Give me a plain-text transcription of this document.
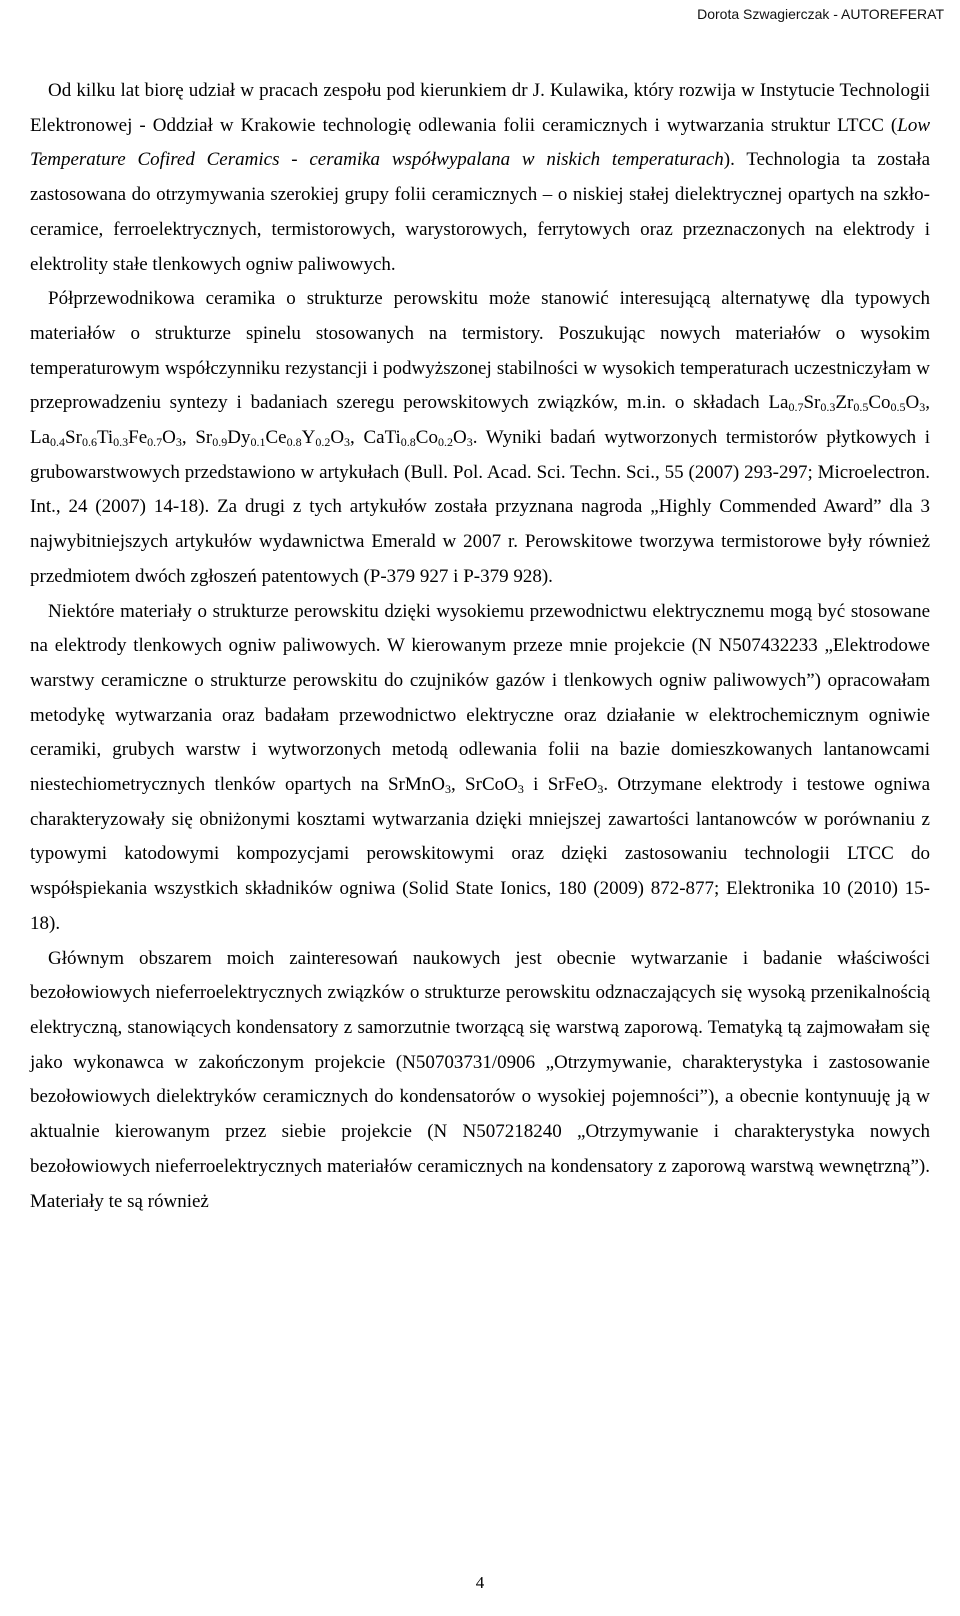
Dorota Szwagierczak - AUTOREFERAT

Od kilku lat biorę udział w pracach zespołu pod kierunkiem dr J. Kulawika, który rozwija w Instytucie Technologii Elektronowej - Oddział w Krakowie technologię odlewania folii ceramicznych i wytwarzania struktur LTCC (Low Temperature Cofired Ceramics - ceramika współwypalana w niskich temperaturach). Technologia ta została zastosowana do otrzymywania szerokiej grupy folii ceramicznych – o niskiej stałej dielektrycznej opartych na szkło-ceramice, ferroelektrycznych, termistorowych, warystorowych, ferrytowych oraz przeznaczonych na elektrody i elektrolity stałe tlenkowych ogniw paliwowych.

Półprzewodnikowa ceramika o strukturze perowskitu może stanowić interesującą alternatywę dla typowych materiałów o strukturze spinelu stosowanych na termistory. Poszukując nowych materiałów o wysokim temperaturowym współczynniku rezystancji i podwyższonej stabilności w wysokich temperaturach uczestniczyłam w przeprowadzeniu syntezy i badaniach szeregu perowskitowych związków, m.in. o składach $La_{0.7}Sr_{0.3}Zr_{0.5}Co_{0.5}O_3$, $La_{0.4}Sr_{0.6}Ti_{0.3}Fe_{0.7}O_3$, $Sr_{0.9}Dy_{0.1}Ce_{0.8}Y_{0.2}O_3$, $CaTi_{0.8}Co_{0.2}O_3$. Wyniki badań wytworzonych termistorów płytkowych i grubowarstwowych przedstawiono w artykułach (Bull. Pol. Acad. Sci. Techn. Sci., 55 (2007) 293-297; Microelectron. Int., 24 (2007) 14-18). Za drugi z tych artykułów została przyznana nagroda „Highly Commended Award” dla 3 najwybitniejszych artykułów wydawnictwa Emerald w 2007 r. Perowskitowe tworzywa termistorowe były również przedmiotem dwóch zgłoszeń patentowych (P-379 927 i P-379 928).

Niektóre materiały o strukturze perowskitu dzięki wysokiemu przewodnictwu elektrycznemu mogą być stosowane na elektrody tlenkowych ogniw paliwowych. W kierowanym przeze mnie projekcie (N N507432233 „Elektrodowe warstwy ceramiczne o strukturze perowskitu do czujników gazów i tlenkowych ogniw paliwowych”) opracowałam metodykę wytwarzania oraz badałam przewodnictwo elektryczne oraz działanie w elektrochemicznym ogniwie ceramiki, grubych warstw i wytworzonych metodą odlewania folii na bazie domieszkowanych lantanowcami niestechiometrycznych tlenków opartych na SrMnO$_3$, SrCoO$_3$ i SrFeO$_3$. Otrzymane elektrody i testowe ogniwa charakteryzowały się obniżonymi kosztami wytwarzania dzięki mniejszej zawartości lantanowców w porównaniu z typowymi katodowymi kompozycjami perowskitowymi oraz dzięki zastosowaniu technologii LTCC do współspiekania wszystkich składników ogniwa (Solid State Ionics, 180 (2009) 872-877; Elektronika 10 (2010) 15-18).

Głównym obszarem moich zainteresowań naukowych jest obecnie wytwarzanie i badanie właściwości bezołowiowych nieferroelektrycznych związków o strukturze perowskitu odznaczających się wysoką przenikalnością elektryczną, stanowiących kondensatory z samorzutnie tworzącą się warstwą zaporową. Tematyką tą zajmowałam się jako wykonawca w zakończonym projekcie (N50703731/0906 „Otrzymywanie, charakterystyka i zastosowanie bezołowiowych dielektryków ceramicznych do kondensatorów o wysokiej pojemności”), a obecnie kontynuuję ją w aktualnie kierowanym przez siebie projekcie (N N507218240 „Otrzymywanie i charakterystyka nowych bezołowiowych nieferroelektrycznych materiałów ceramicznych na kondensatory z zaporową warstwą wewnętrzną”). Materiały te są również

4
